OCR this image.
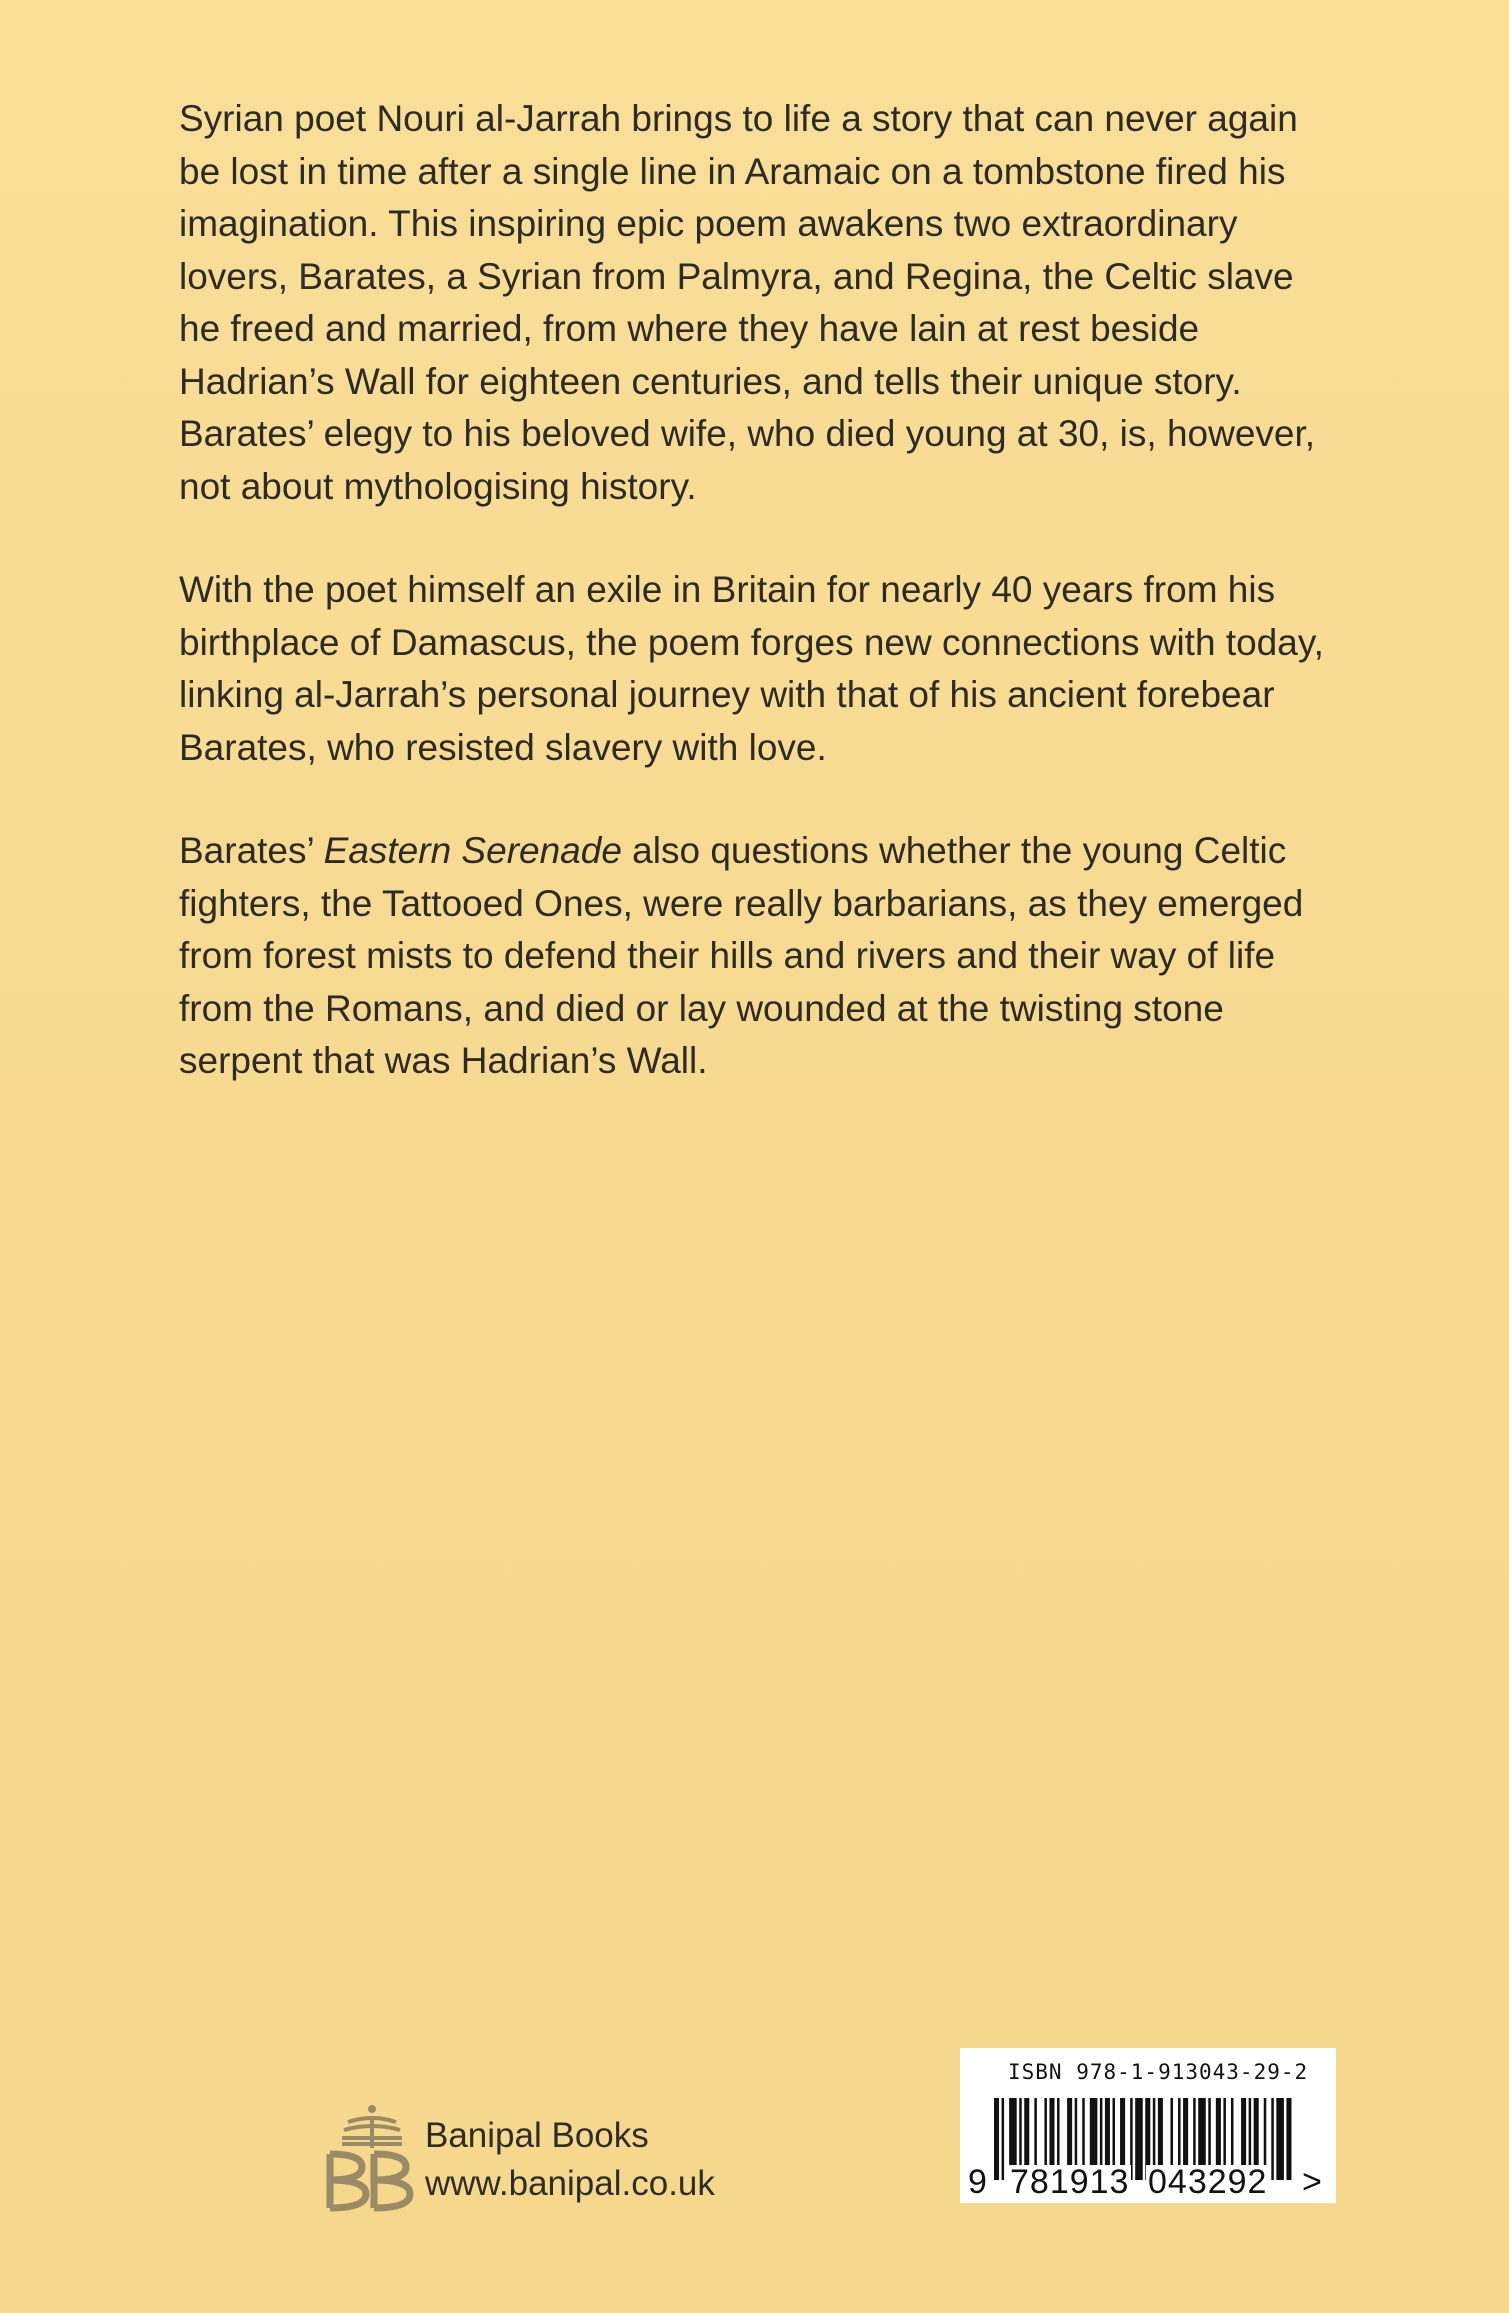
Syrian poet Nouri al-Jarrah brings to life a story that can never again be lost in time after a single line in Aramaic on a tombstone fired his imagination. This inspiring epic poem awakens two extraordinary lovers, Barates, a Syrian from Palmyra, and Regina, the Celtic slave he freed and married, from where they have lain at rest beside Hadrian’s Wall for eighteen centuries, and tells their unique story. Barates’ elegy to his beloved wife, who died young at 30, is, however, not about mythologising history.

With the poet himself an exile in Britain for nearly 40 years from his birthplace of Damascus, the poem forges new connections with today, linking al-Jarrah’s personal journey with that of his ancient forebear Barates, who resisted slavery with love.

Barates’ Eastern Serenade also questions whether the young Celtic fighters, the Tattooed Ones, were really barbarians, as they emerged from forest mists to defend their hills and rivers and their way of life from the Romans, and died or lay wounded at the twisting stone serpent that was Hadrian’s Wall.

Banipal Books
www.banipal.co.uk
ISBN 978-1-913043-29-2
9 781913 043292 >
